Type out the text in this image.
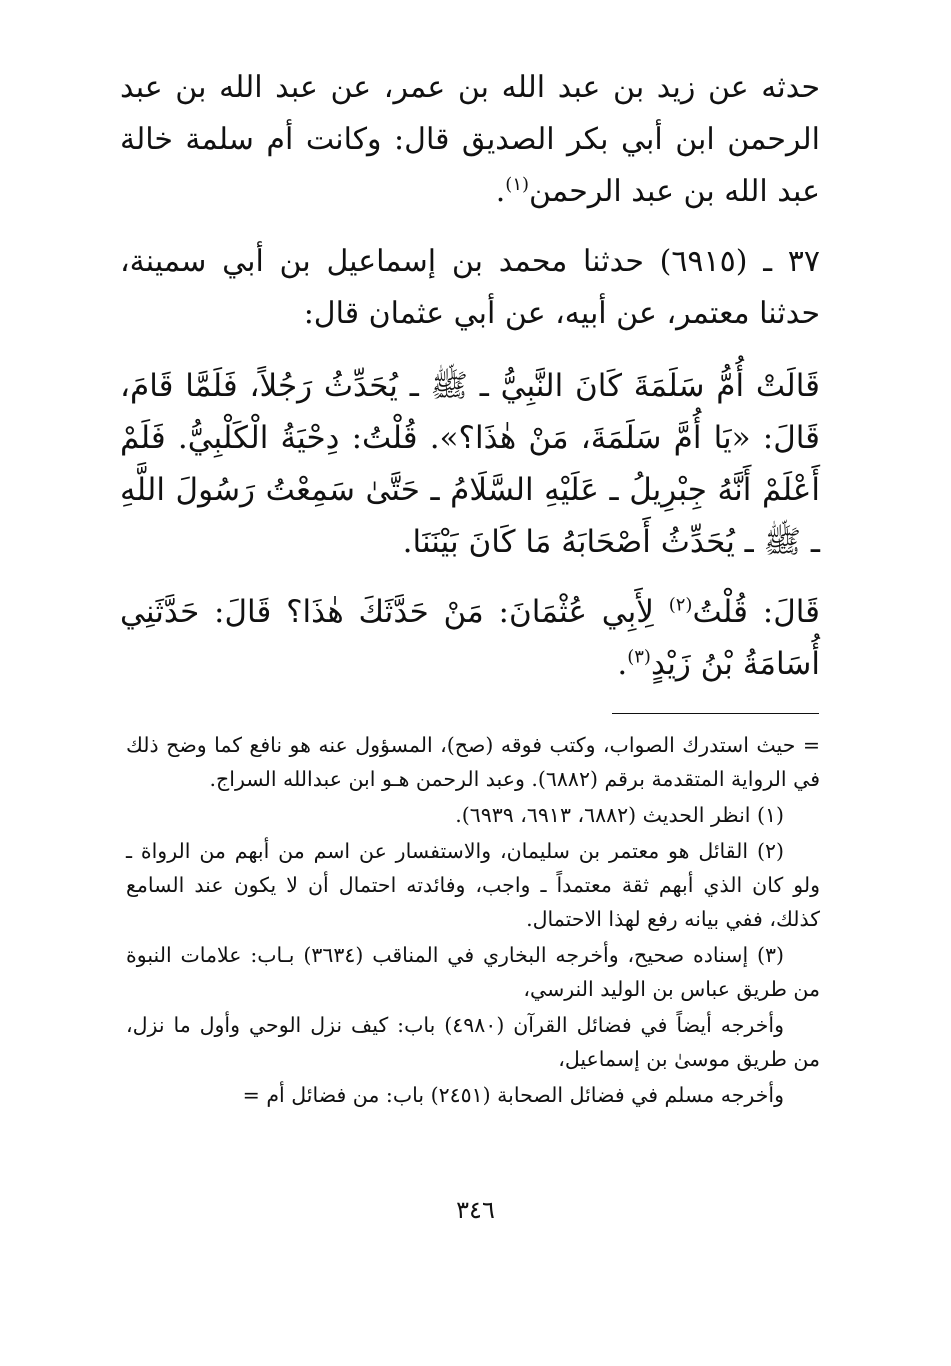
حدثه عن زيد بن عبد الله بن عمر، عن عبد الله بن عبد الرحمن ابن أبي بكر الصديق قال: وكانت أم سلمة خالة عبد الله بن عبد الرحمن$^{(١)}$.

٣٧ ـ (٦٩١٥) حدثنا محمد بن إسماعيل بن أبي سمينة، حدثنا معتمر، عن أبيه، عن أبي عثمان قال:

قَالَتْ أُمُّ سَلَمَةَ كَانَ النَّبِيُّ ـ ﷺ ـ يُحَدِّثُ رَجُلاً، فَلَمَّا قَامَ، قَالَ: «يَا أُمَّ سَلَمَةَ، مَنْ هٰذَا؟». قُلْتُ: دِحْيَةُ الْكَلْبِيُّ. فَلَمْ أَعْلَمْ أَنَّهُ جِبْرِيلُ ـ عَلَيْهِ السَّلَامُ ـ حَتَّىٰ سَمِعْتُ رَسُولَ اللَّهِ ـ ﷺ ـ يُحَدِّثُ أَصْحَابَهُ مَا كَانَ بَيْنَنَا.

قَالَ: قُلْتُ$^{(٢)}$ لِأَبِي عُثْمَانَ: مَنْ حَدَّثَكَ هٰذَا؟ قَالَ: حَدَّثَنِي أُسَامَةُ بْنُ زَيْدٍ$^{(٣)}$.

= حيث استدرك الصواب، وكتب فوقه (صح)، المسؤول عنه هو نافع كما وضح ذلك في الرواية المتقدمة برقم (٦٨٨٢). وعبد الرحمن هـو ابن عبدالله السراج.

(١) انظر الحديث (٦٨٨٢، ٦٩١٣، ٦٩٣٩).

(٢) القائل هو معتمر بن سليمان، والاستفسار عن اسم من أبهم من الرواة ـ ولو كان الذي أبهم ثقة معتمداً ـ واجب، وفائدته احتمال أن لا يكون عند السامع كذلك، ففي بيانه رفع لهذا الاحتمال.

(٣) إسناده صحيح، وأخرجه البخاري في المناقب (٣٦٣٤) بـاب: علامات النبوة من طريق عباس بن الوليد النرسي،

وأخرجه أيضاً في فضائل القرآن (٤٩٨٠) باب: كيف نزل الوحي وأول ما نزل، من طريق موسىٰ بن إسماعيل،

وأخرجه مسلم في فضائل الصحابة (٢٤٥١) باب: من فضائل أم =

٣٤٦
